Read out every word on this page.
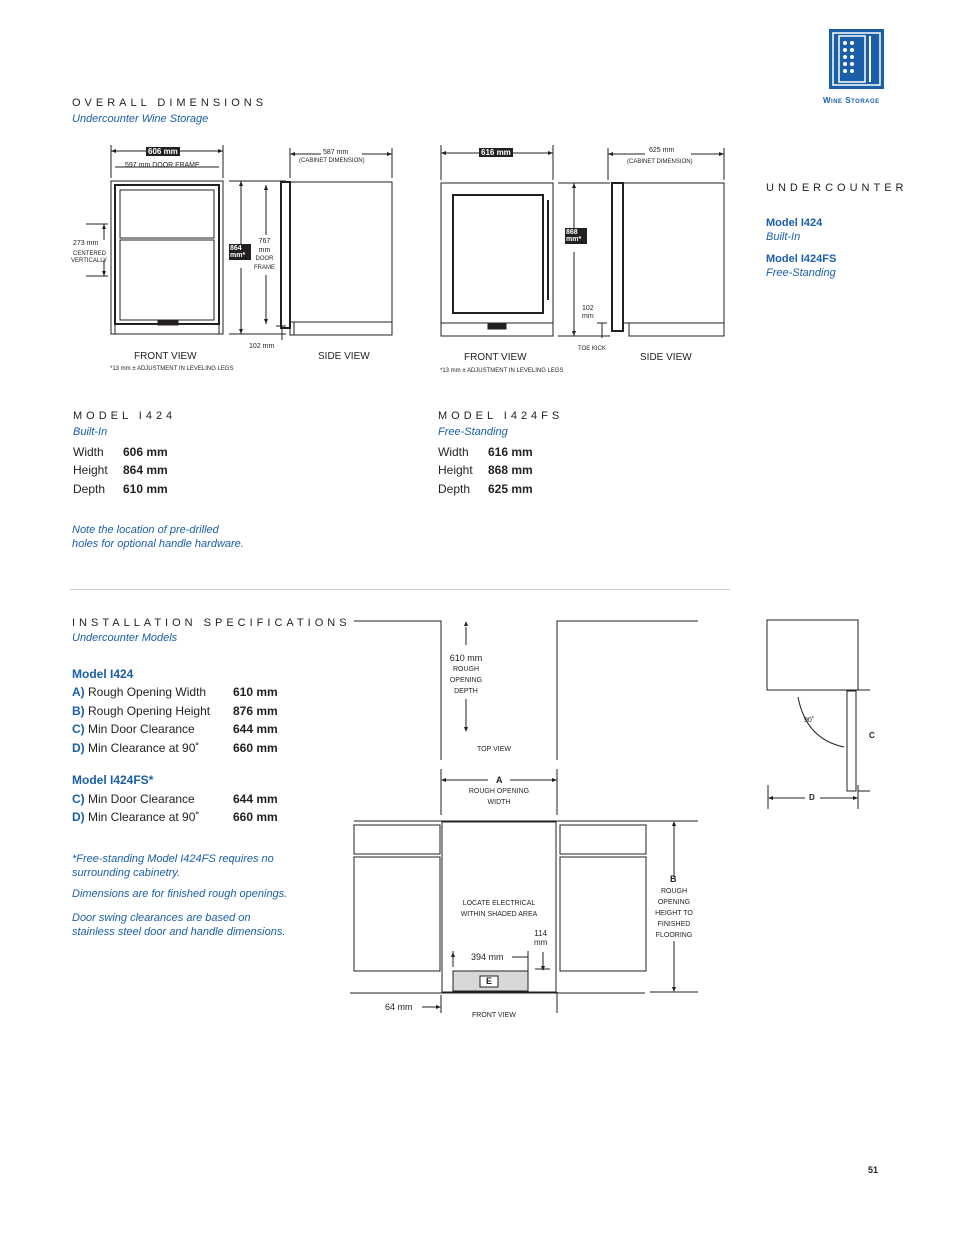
Wine Storage
OVERALL DIMENSIONS
Undercounter Wine Storage
606 mm
597 mm DOOR FRAME
587 mm
(CABINET DIMENSION)
273 mm
CENTERED
VERTICALLY
864
mm*
767
mm
DOOR
FRAME
102 mm
FRONT VIEW	SIDE VIEW
*13 mm ± ADJUSTMENT IN LEVELING LEGS
616 mm	625 mm
(CABINET DIMENSION)
868
mm*
102
mm
TOE KICK
FRONT VIEW	SIDE VIEW
*13 mm ± ADJUSTMENT IN LEVELING LEGS
UNDERCOUNTER
Model I424
Built-In
Model I424FS
Free-Standing
MODEL I424
Built-In
Width 606 mm
Height 864 mm
Depth 610 mm
MODEL I424FS
Free-Standing
Width 616 mm
Height 868 mm
Depth 625 mm
Note the location of pre-drilled
holes for optional handle hardware.
INSTALLATION SPECIFICATIONS
Undercounter Models
Model I424
A) Rough Opening Width 610 mm
B) Rough Opening Height 876 mm
C) Min Door Clearance	644 mm
D) Min Clearance at 90˚	660 mm
Model I424FS*
C) Min Door Clearance	644 mm
D) Min Clearance at 90˚	660 mm
*Free-standing Model I424FS requires no
surrounding cabinetry.
Dimensions are for finished rough openings.
Door swing clearances are based on
stainless steel door and handle dimensions.
610 mm
ROUGH
OPENING
DEPTH
TOP VIEW
A
ROUGH OPENING
WIDTH
B
ROUGH
OPENING
HEIGHT TO
FINISHED
FLOORING
LOCATE ELECTRICAL
WITHIN SHADED AREA
114
mm
394 mm
E
64 mm
FRONT VIEW
90˚
C
D
51
